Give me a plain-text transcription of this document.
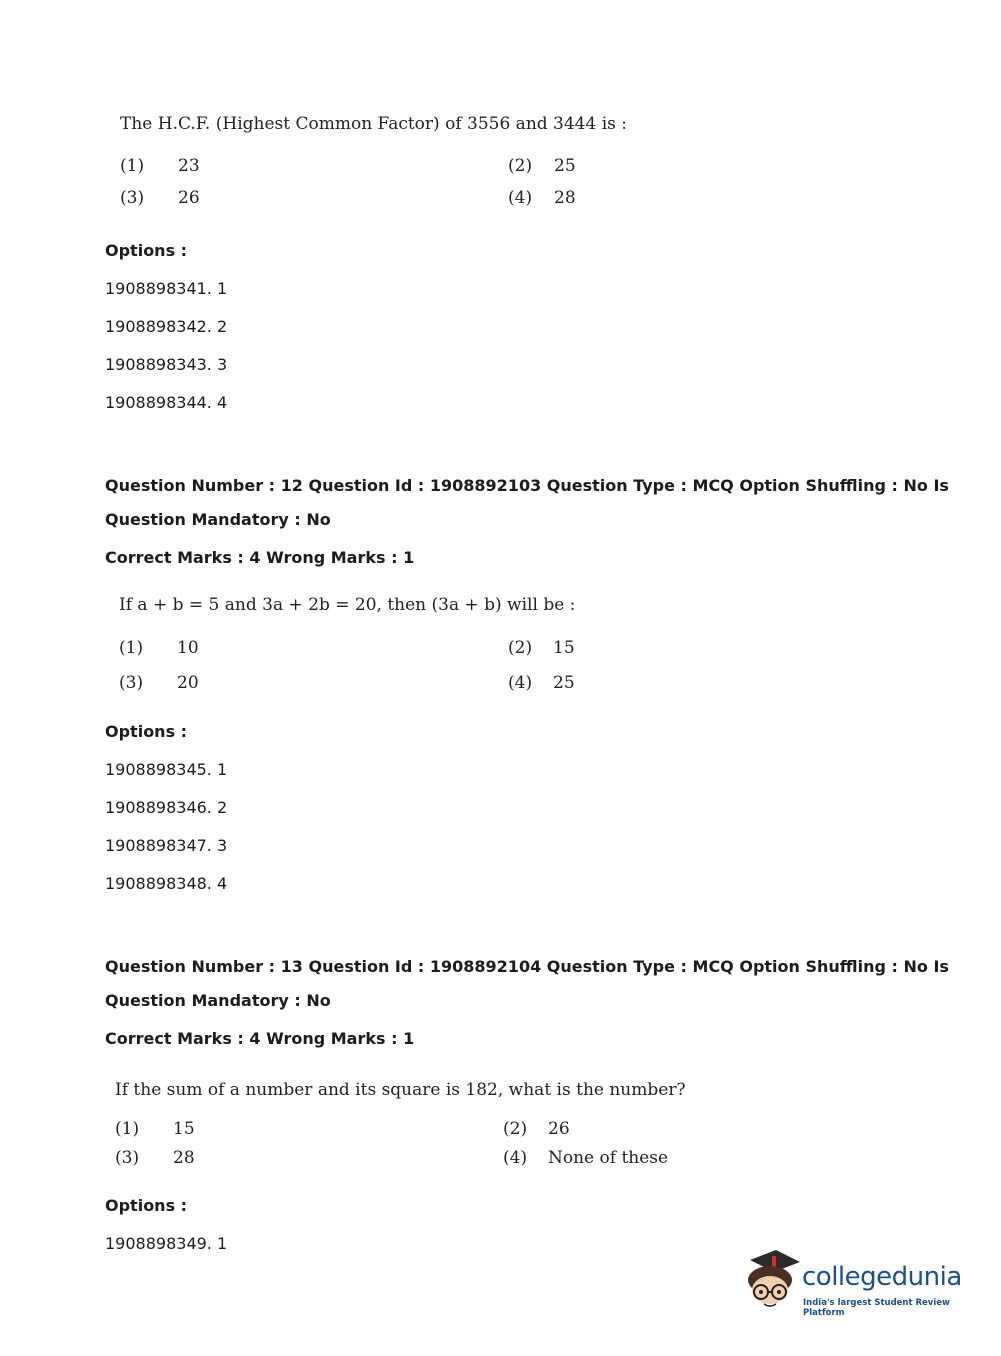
The H.C.F. (Highest Common Factor) of 3556 and 3444 is :
(1) 23	(2) 25
(3) 26	(4) 28
Options :
1908898341. 1
1908898342. 2
1908898343. 3
1908898344. 4
Question Number : 12 Question Id : 1908892103 Question Type : MCQ Option Shuffling : No Is
Question Mandatory : No
Correct Marks : 4 Wrong Marks : 1
If a + b = 5 and 3a + 2b = 20, then (3a + b) will be :
(1) 10	(2) 15
(3) 20	(4) 25
Options :
1908898345. 1
1908898346. 2
1908898347. 3
1908898348. 4
Question Number : 13 Question Id : 1908892104 Question Type : MCQ Option Shuffling : No Is
Question Mandatory : No
Correct Marks : 4 Wrong Marks : 1
If the sum of a number and its square is 182, what is the number?
(1) 15	(2) 26
(3) 28	(4) None of these
Options :
1908898349. 1
collegedunia
India's largest Student Review Platform
